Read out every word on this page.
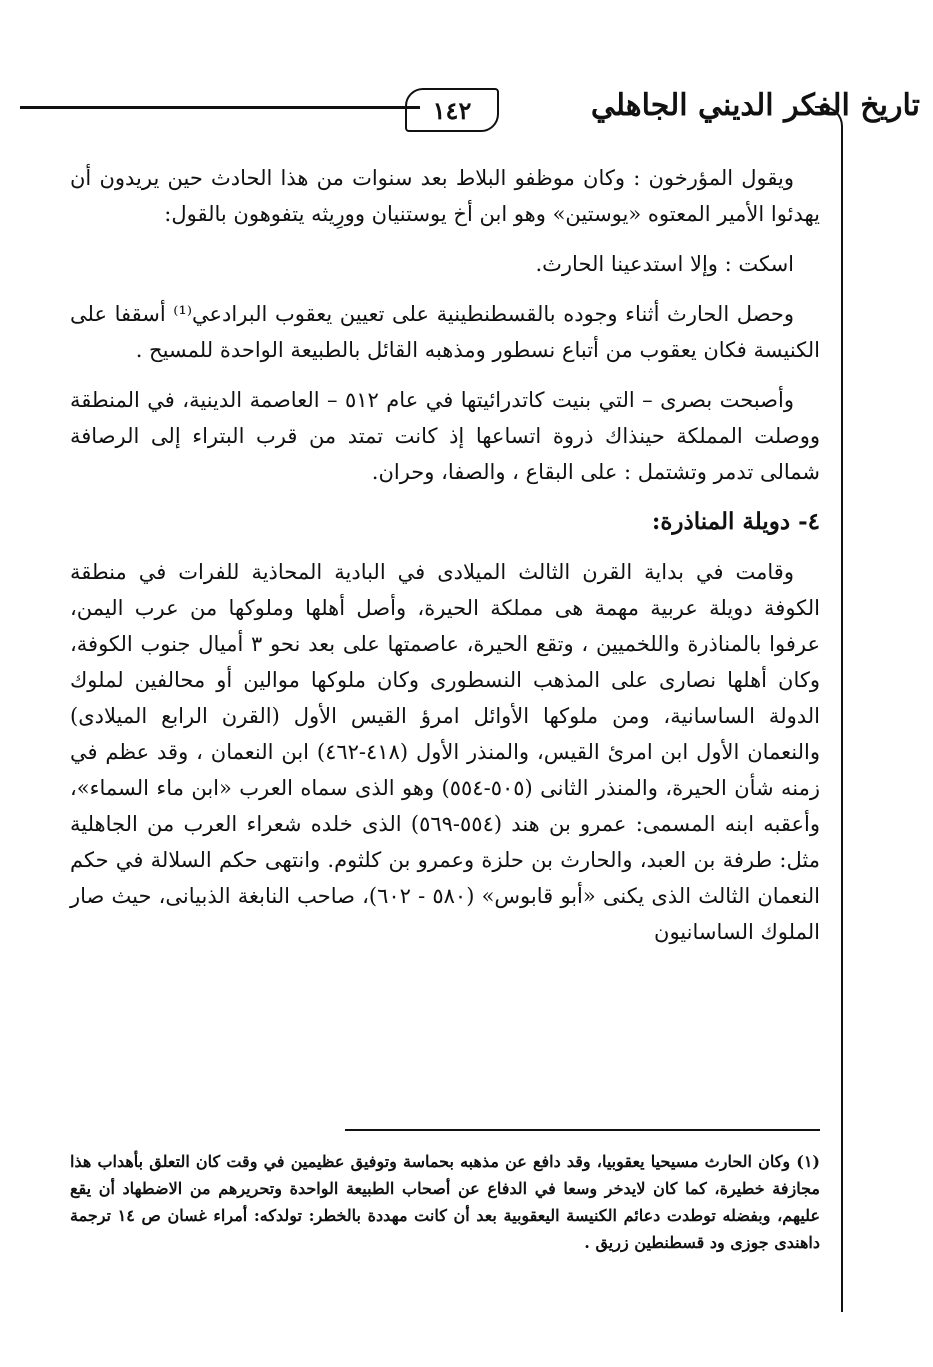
١٤٢	تاريخ الفكر الديني الجاهلي

ويقول المؤرخون : وكان موظفو البلاط بعد سنوات من هذا الحادث حين يريدون أن يهدئوا الأمير المعتوه «يوستين» وهو ابن أخ يوستنيان وورِيثه يتفوهون بالقول:

اسكت : وإلا استدعينا الحارث.

وحصل الحارث أثناء وجوده بالقسطنطينية على تعيين يعقوب البرادعي⁽¹⁾ أسقفا على الكنيسة فكان يعقوب من أتباع نسطور ومذهبه القائل بالطبيعة الواحدة للمسيح .

وأصبحت بصرى – التي بنيت كاتدرائيتها في عام ٥١٢ – العاصمة الدينية، في المنطقة ووصلت المملكة حينذاك ذروة اتساعها إذ كانت تمتد من قرب البتراء إلى الرصافة شمالى تدمر وتشتمل : على البقاع ، والصفا، وحران.

٤- دويلة المناذرة:

وقامت في بداية القرن الثالث الميلادى في البادية المحاذية للفرات في منطقة الكوفة دويلة عربية مهمة هى مملكة الحيرة، وأصل أهلها وملوكها من عرب اليمن، عرفوا بالمناذرة واللخميين ، وتقع الحيرة، عاصمتها على بعد نحو ٣ أميال جنوب الكوفة، وكان أهلها نصارى على المذهب النسطورى وكان ملوكها موالين أو محالفين لملوك الدولة الساسانية، ومن ملوكها الأوائل امرؤ القيس الأول (القرن الرابع الميلادى) والنعمان الأول ابن امرئ القيس، والمنذر الأول (٤١٨-٤٦٢) ابن النعمان ، وقد عظم في زمنه شأن الحيرة، والمنذر الثانى (٥٠٥-٥٥٤) وهو الذى سماه العرب «ابن ماء السماء»، وأعقبه ابنه المسمى: عمرو بن هند (٥٥٤-٥٦٩) الذى خلده شعراء العرب من الجاهلية مثل: طرفة بن العبد، والحارث بن حلزة وعمرو بن كلثوم. وانتهى حكم السلالة في حكم النعمان الثالث الذى يكنى «أبو قابوس» (٥٨٠ - ٦٠٢)، صاحب النابغة الذبيانى، حيث صار الملوك الساسانيون

(١) وكان الحارث مسيحيا يعقوبيا، وقد دافع عن مذهبه بحماسة وتوفيق عظيمين في وقت كان التعلق بأهداب هذا مجازفة خطيرة، كما كان لايدخر وسعا في الدفاع عن أصحاب الطبيعة الواحدة وتحريرهم من الاضطهاد أن يقع عليهم، وبفضله توطدت دعائم الكنيسة اليعقوبية بعد أن كانت مهددة بالخطر: تولدكه: أمراء غسان ص ١٤ ترجمة داهندى جوزى ود قسطنطين زريق .
